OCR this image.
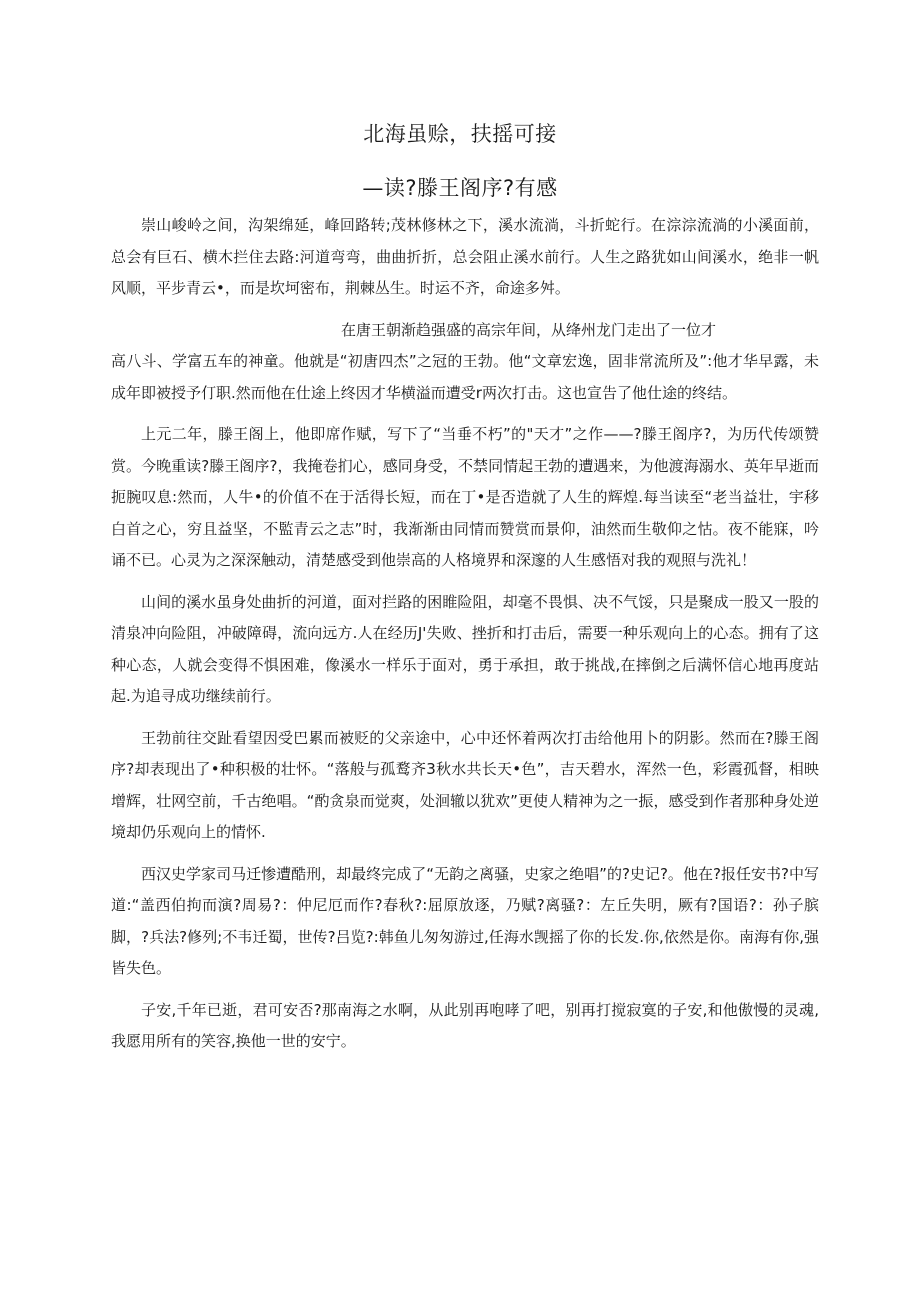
北海虽赊，扶摇可接
—读?滕王阁序?有感

崇山峻岭之间，沟架绵延，峰回路转;茂林修林之下，溪水流淌，斗折蛇行。在淙淙流淌的小溪面前，总会有巨石、横木拦住去路:河道弯弯，曲曲折折，总会阻止溪水前行。人生之路犹如山间溪水，绝非一帆风顺，平步青云•，而是坎坷密布，荆棘丛生。时运不齐，命途多舛。

在唐王朝渐趋强盛的高宗年间，从绛州龙门走出了一位才

高八斗、学富五车的神童。他就是“初唐四杰”之冠的王勃。他“文章宏逸，固非常流所及”:他才华早露，未成年即被授予仃职.然而他在仕途上终因才华横溢而遭受r两次打击。这也宣告了他仕途的终结。

上元二年，滕王阁上，他即席作赋，写下了“当垂不朽”的"天才”之作——?滕王阁序?，为历代传颂赞赏。今晚重读?滕王阁序?，我掩卷扪心，感同身受，不禁同情起王勃的遭遇来，为他渡海溺水、英年早逝而扼腕叹息:然而，人牛•的价值不在于活得长短，而在丁•是否造就了人生的辉煌.每当读至“老当益壮，宇移白首之心，穷且益坚，不監青云之志”时，我渐渐由同情而赞赏而景仰，油然而生敬仰之怙。夜不能寐，吟诵不已。心灵为之深深触动，清楚感受到他崇高的人格境界和深邃的人生感悟对我的观照与洗礼！

山间的溪水虽身处曲折的河道，面对拦路的困睢险阻，却毫不畏惧、决不气馁，只是聚成一股又一股的清泉冲向险阻，冲破障碍，流向远方.人在经历J'失败、挫折和打击后，需要一种乐观向上的心态。拥有了这种心态，人就会变得不惧困难，像溪水一样乐于面对，勇于承担，敢于挑战,在摔倒之后满怀信心地再度站起.为追寻成功继续前行。

王勃前往交趾看望因受巴累而被贬的父亲途中，心中还怀着两次打击给他用卜的阴影。然而在?滕王阁序?却表现出了•种积极的壮怀。“落般与孤鹜齐3秋水共长天•色”，吉天碧水，浑然一色，彩霞孤督，相映增辉，壮网空前，千古绝唱。“酌贪泉而觉爽，处洄辙以犹欢”更使人精神为之一振，感受到作者那种身处逆境却仍乐观向上的情怀.

西汉史学家司马迁惨遭酷刑，却最终完成了“无韵之离骚，史家之绝唱”的?史记?。他在?报任安书?中写道:“盖西伯拘而演?周易?：仲尼厄而作?春秋?:屈原放逐，乃赋?离骚?：左丘失明，厥有?国语?：孙子膑脚，?兵法?修列;不韦迁蜀，世传?吕览?:韩鱼儿匆匆游过,任海水觊摇了你的长发.你,依然是你。南海有你,强皆失色。

子安,千年已逝，君可安否?那南海之水啊，从此别再咆哮了吧，别再打搅寂寞的子安,和他傲慢的灵魂,我愿用所有的笑容,换他一世的安宁。
